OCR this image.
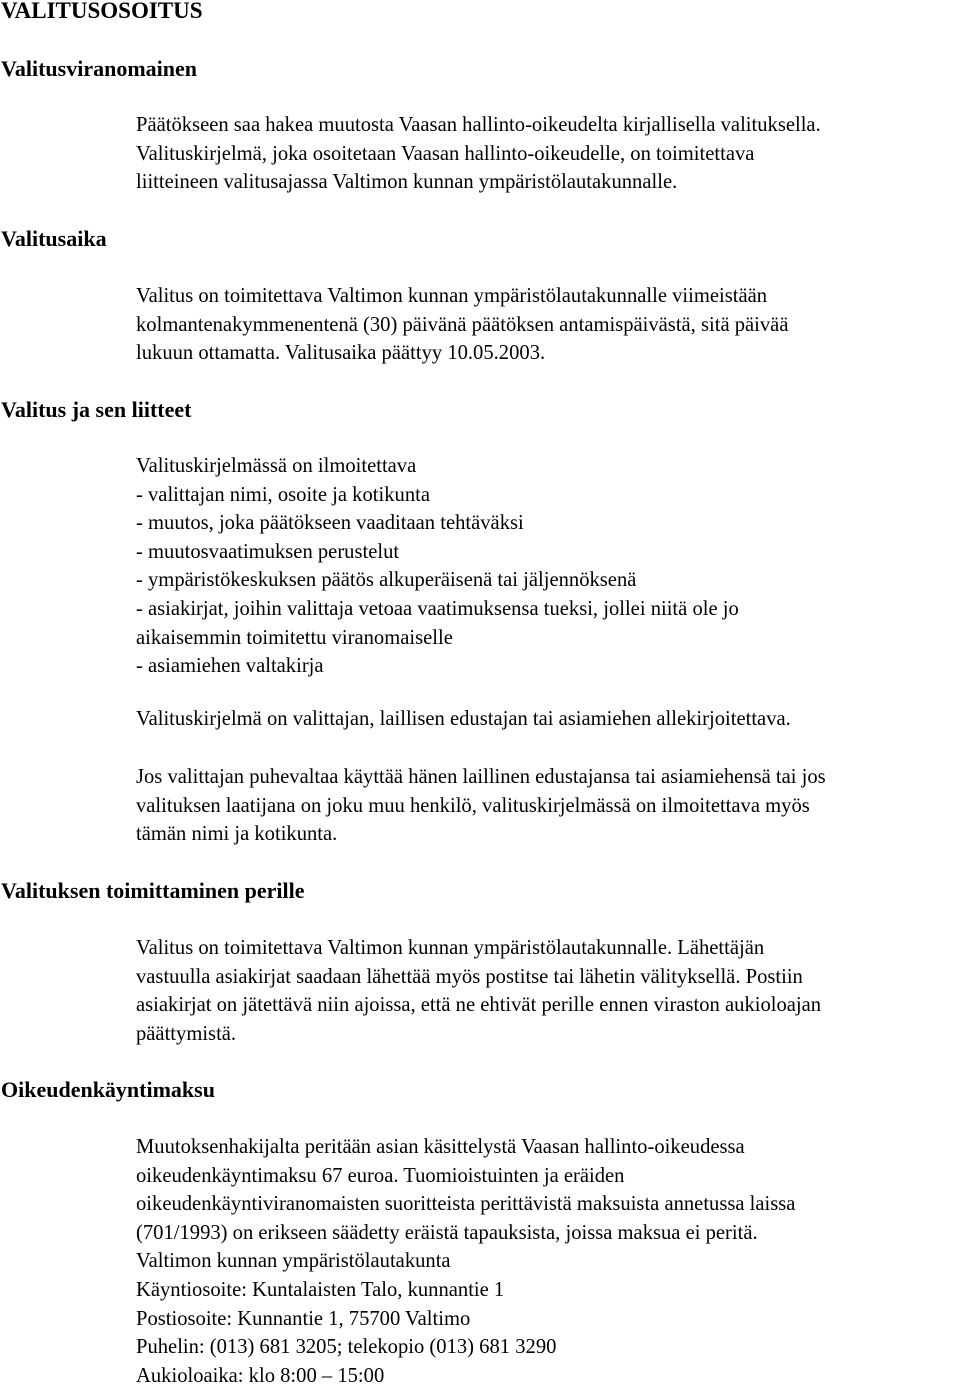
VALITUSOSOITUS
Valitusviranomainen
Valitusaika
Valitus ja sen liitteet
Valituksen toimittaminen perille
Oikeudenkäyntimaksu
Päätökseen saa hakea muutosta Vaasan hallinto-oikeudelta kirjallisella valituksella.
Valituskirjelmä, joka osoitetaan Vaasan hallinto-oikeudelle, on toimitettava
liitteineen valitusajassa Valtimon kunnan ympäristölautakunnalle.
Valitus on toimitettava Valtimon kunnan ympäristölautakunnalle viimeistään
kolmantenakymmenentenä (30) päivänä päätöksen antamispäivästä, sitä päivää
lukuun ottamatta. Valitusaika päättyy 10.05.2003.
Valituskirjelmässä on ilmoitettava
- valittajan nimi, osoite ja kotikunta
- muutos, joka päätökseen vaaditaan tehtäväksi
- muutosvaatimuksen perustelut
- ympäristökeskuksen päätös alkuperäisenä tai jäljennöksenä
- asiakirjat, joihin valittaja vetoaa vaatimuksensa tueksi, jollei niitä ole jo
aikaisemmin toimitettu viranomaiselle
- asiamiehen valtakirja
Valituskirjelmä on valittajan, laillisen edustajan tai asiamiehen allekirjoitettava.
Jos valittajan puhevaltaa käyttää hänen laillinen edustajansa tai asiamiehensä tai jos
valituksen laatijana on joku muu henkilö, valituskirjelmässä on ilmoitettava myös
tämän nimi ja kotikunta.
Valitus on toimitettava Valtimon kunnan ympäristölautakunnalle. Lähettäjän
vastuulla asiakirjat saadaan lähettää myös postitse tai lähetin välityksellä. Postiin
asiakirjat on jätettävä niin ajoissa, että ne ehtivät perille ennen viraston aukioloajan
päättymistä.
Muutoksenhakijalta peritään asian käsittelystä Vaasan hallinto-oikeudessa
oikeudenkäyntimaksu 67 euroa. Tuomioistuinten ja eräiden
oikeudenkäyntiviranomaisten suoritteista perittävistä maksuista annetussa laissa
(701/1993) on erikseen säädetty eräistä tapauksista, joissa maksua ei peritä.
Valtimon kunnan ympäristölautakunta
Käyntiosoite: Kuntalaisten Talo, kunnantie 1
Postiosoite: Kunnantie 1, 75700 Valtimo
Puhelin: (013) 681 3205; telekopio (013) 681 3290
Aukioloaika: klo 8:00 – 15:00
